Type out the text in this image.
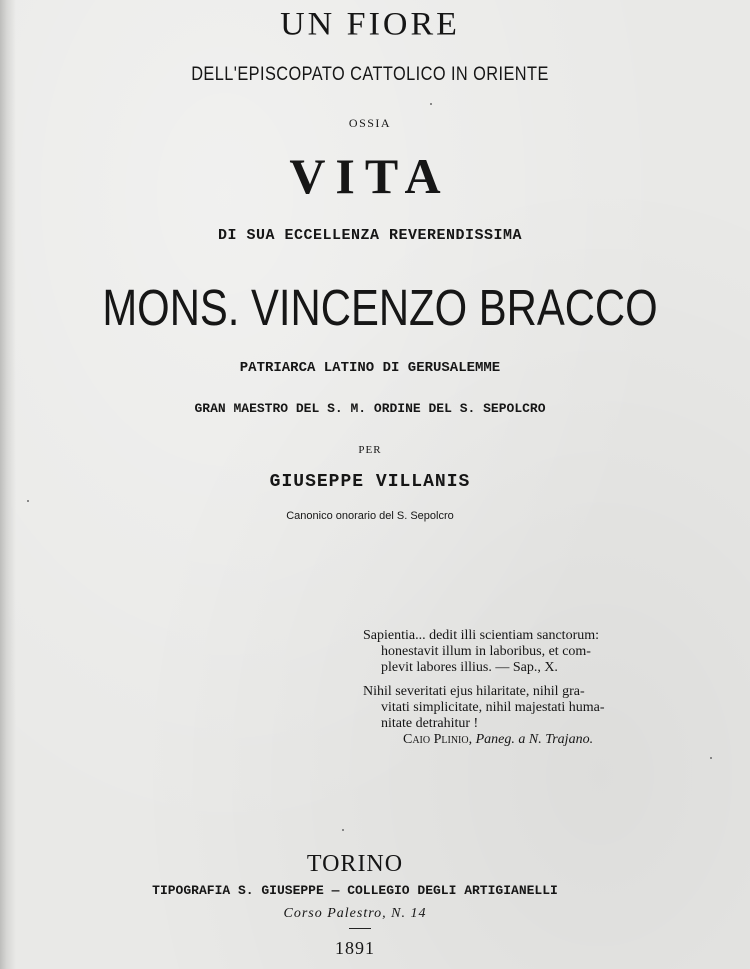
UN FIORE

DELL'EPISCOPATO CATTOLICO IN ORIENTE

OSSIA

VITA

DI SUA ECCELLENZA REVERENDISSIMA

MONS. VINCENZO BRACCO

PATRIARCA LATINO DI GERUSALEMME

GRAN MAESTRO DEL S. M. ORDINE DEL S. SEPOLCRO

PER

GIUSEPPE VILLANIS

Canonico onorario del S. Sepolcro

Sapientia... dedit illi scientiam sanctorum:
honestavit illum in laboribus, et com-
plevit labores illius. — Sap., X.
Nihil severitati ejus hilaritate, nihil gra-
vitati simplicitate, nihil majestati huma-
nitate detrahitur !
Caio Plinio, Paneg. a N. Trajano.

TORINO

TIPOGRAFIA S. GIUSEPPE — COLLEGIO DEGLI ARTIGIANELLI

Corso Palestro, N. 14

1891
